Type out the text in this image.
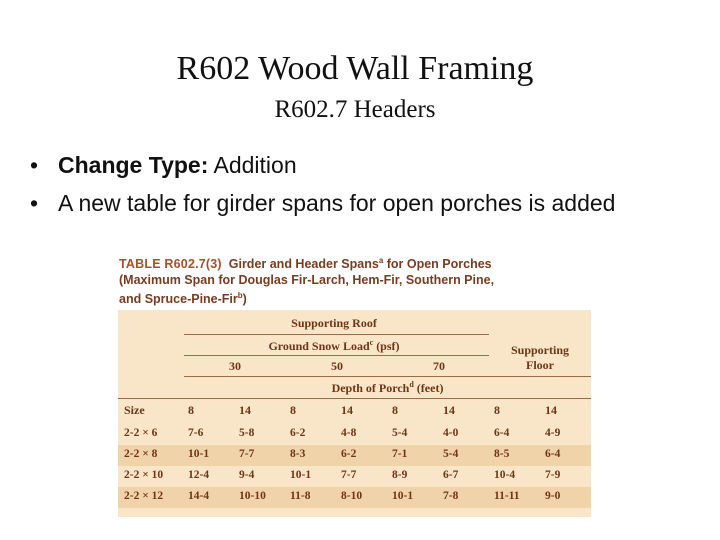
R602 Wood Wall Framing
R602.7 Headers
• Change Type: Addition
• A new table for girder spans for open porches is added
TABLE R602.7(3) Girder and Header Spans$^a$ for Open Porches
(Maximum Span for Douglas Fir-Larch, Hem-Fir, Southern Pine,
and Spruce-Pine-Fir$^b$)
Supporting Roof
Ground Snow Load$^c$ (psf)	Supporting
Floor
30	50	70
Depth of Porch$^d$ (feet)
Size	8	14	8	14	8	14	8	14
2-2 × 6	7-6	5-8	6-2	4-8	5-4	4-0	6-4	4-9
2-2 × 8	10-1	7-7	8-3	6-2	7-1	5-4	8-5	6-4
2-2 × 10 12-4	9-4	10-1	7-7	8-9	6-7	10-4	7-9
2-2 × 12 14-4	10-10 11-8	8-10	10-1	7-8	11-11 9-0
